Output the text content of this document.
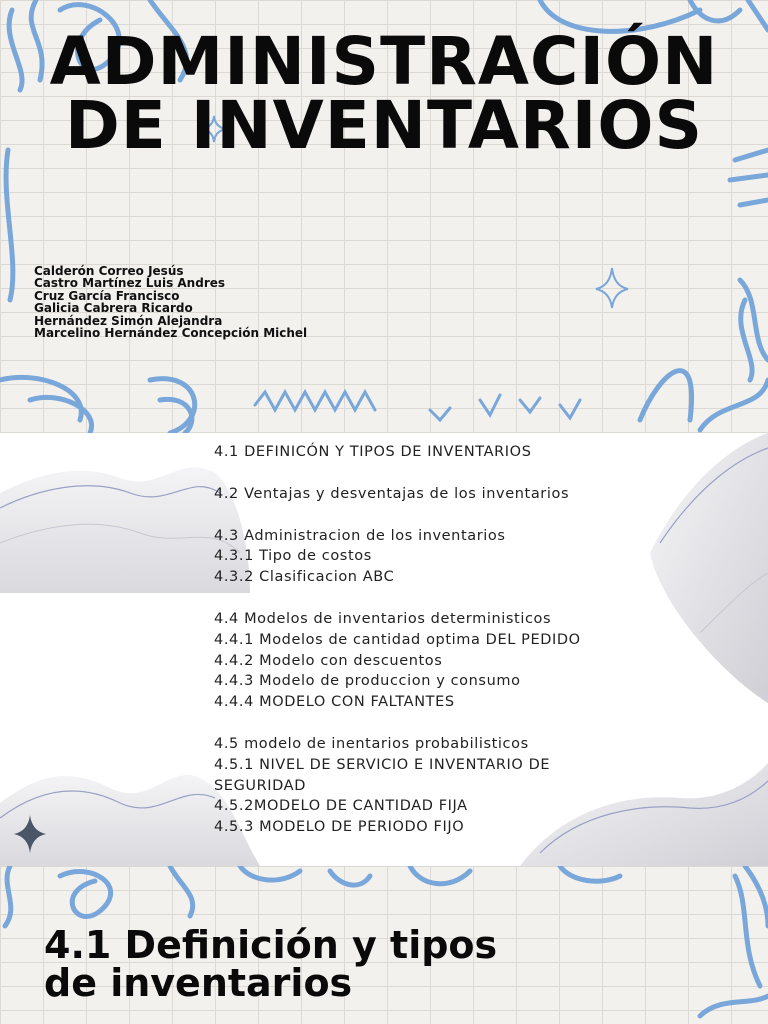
ADMINISTRACIÓN
DE INVENTARIOS
Calderón Correo Jesús
Castro Martínez Luis Andres
Cruz García Francisco
Galicia Cabrera Ricardo
Hernández Simón Alejandra
Marcelino Hernández Concepción Michel
4.1 DEFINICÓN Y TIPOS DE INVENTARIOS
4.2 Ventajas y desventajas de los inventarios
4.3 Administracion de los inventarios
4.3.1 Tipo de costos
4.3.2 Clasificacion ABC
4.4 Modelos de inventarios deterministicos
4.4.1 Modelos de cantidad optima DEL PEDIDO
4.4.2 Modelo con descuentos
4.4.3 Modelo de produccion y consumo
4.4.4 MODELO CON FALTANTES
4.5 modelo de inentarios probabilisticos
4.5.1 NIVEL DE SERVICIO E INVENTARIO DE SEGURIDAD
4.5.2MODELO DE CANTIDAD FIJA
4.5.3 MODELO DE PERIODO FIJO
4.1 Definición y tipos
de inventarios
